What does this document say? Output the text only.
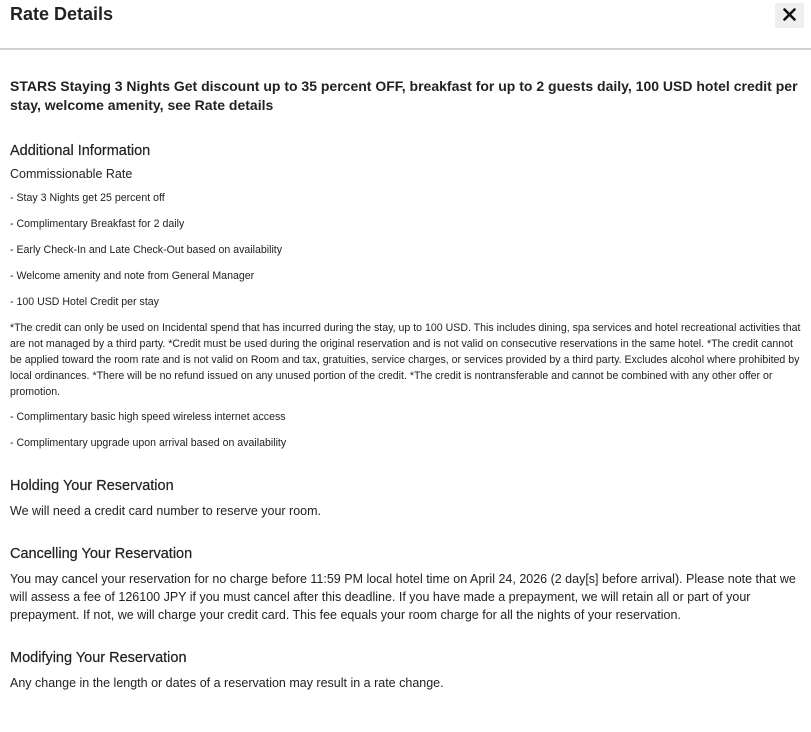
Rate Details

STARS Staying 3 Nights Get discount up to 35 percent OFF, breakfast for up to 2 guests daily, 100 USD hotel credit per stay, welcome amenity, see Rate details

Additional Information

Commissionable Rate

- Stay 3 Nights get 25 percent off

- Complimentary Breakfast for 2 daily

- Early Check-In and Late Check-Out based on availability

- Welcome amenity and note from General Manager

- 100 USD Hotel Credit per stay

*The credit can only be used on Incidental spend that has incurred during the stay, up to 100 USD. This includes dining, spa services and hotel recreational activities that are not managed by a third party. *Credit must be used during the original reservation and is not valid on consecutive reservations in the same hotel. *The credit cannot be applied toward the room rate and is not valid on Room and tax, gratuities, service charges, or services provided by a third party. Excludes alcohol where prohibited by local ordinances. *There will be no refund issued on any unused portion of the credit. *The credit is nontransferable and cannot be combined with any other offer or promotion.

- Complimentary basic high speed wireless internet access

- Complimentary upgrade upon arrival based on availability

Holding Your Reservation

We will need a credit card number to reserve your room.

Cancelling Your Reservation

You may cancel your reservation for no charge before 11:59 PM local hotel time on April 24, 2026 (2 day[s] before arrival). Please note that we will assess a fee of 126100 JPY if you must cancel after this deadline. If you have made a prepayment, we will retain all or part of your prepayment. If not, we will charge your credit card. This fee equals your room charge for all the nights of your reservation.

Modifying Your Reservation

Any change in the length or dates of a reservation may result in a rate change.
